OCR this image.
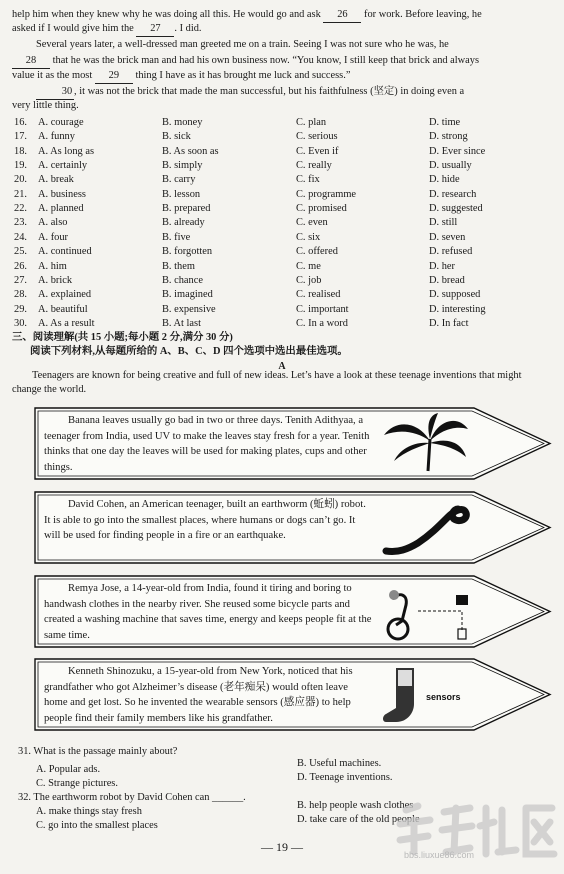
help him when they knew why he was doing all this. He would go and ask 26 for work. Before leaving, he

asked if I would give him the 27 . I did.

Several years later, a well-dressed man greeted me on a train. Seeing I was not sure who he was, he

28 that he was the brick man and had his own business now. “You know, I still keep that brick and always

value it as the most 29 thing I have as it has brought me luck and success.”

30 , it was not the brick that made the man successful, but his faithfulness (坚定) in doing even a

very little thing.

16. A. courage	B. money	C. plan	D. time
17. A. funny	B. sick	C. serious	D. strong
18. A. As long as	B. As soon as	C. Even if	D. Ever since
19. A. certainly	B. simply	C. really	D. usually
20. A. break	B. carry	C. fix	D. hide
21. A. business	B. lesson	C. programme	D. research
22. A. planned	B. prepared	C. promised	D. suggested
23. A. also	B. already	C. even	D. still
24. A. four	B. five	C. six	D. seven
25. A. continued	B. forgotten	C. offered	D. refused
26. A. him	B. them	C. me	D. her
27. A. brick	B. chance	C. job	D. bread
28. A. explained	B. imagined	C. realised	D. supposed
29. A. beautiful	B. expensive	C. important	D. interesting
30. A. As a result	B. At last	C. In a word	D. In fact
三、阅读理解(共 15 小题;每小题 2 分,满分 30 分)
阅读下列材料,从每题所给的 A、B、C、D 四个选项中选出最佳选项。
A

Teenagers are known for being creative and full of new ideas. Let’s have a look at these teenage inventions that might change the world.

Banana leaves usually go bad in two or three days. Tenith Adithyaa, a teenager from India, used UV to make the leaves stay fresh for a year. Tenith thinks that one day the leaves will be used for making plates, cups and other things.
David Cohen, an American teenager, built an earthworm (蚯蚓) robot. It is able to go into the smallest places, where humans or dogs can’t go. It will be used for finding people in a fire or an earthquake.
Remya Jose, a 14-year-old from India, found it tiring and boring to handwash clothes in the nearby river. She reused some bicycle parts and created a washing machine that saves time, energy and keeps people fit at the same time.
Kenneth Shinozuku, a 15-year-old from New York, noticed that his grandfather who got Alzheimer’s disease (老年痴呆) would often leave home and get lost. So he invented the wearable sensors (感应器) to help people find their family members like his grandfather.
sensors
31. What is the passage mainly about?
A. Popular ads.
B. Useful machines.
C. Strange pictures.
D. Teenage inventions.
32. The earthworm robot by David Cohen can ______.
A. make things stay fresh
B. help people wash clothes
C. go into the smallest places
D. take care of the old people
— 19 —
bbs.liuxue86.com
